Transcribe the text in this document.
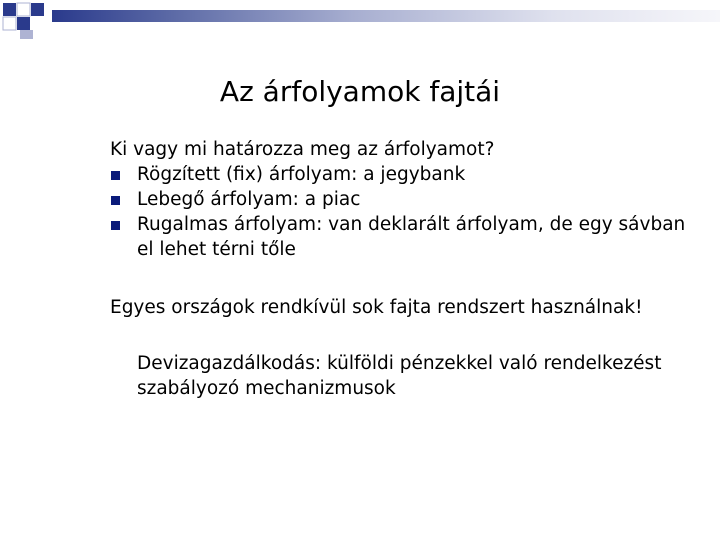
Az árfolyamok fajtái

Ki vagy mi határozza meg az árfolyamot?

Rögzített (fix) árfolyam: a jegybank
Lebegő árfolyam: a piac
Rugalmas árfolyam: van deklarált árfolyam, de egy sávban el lehet térni tőle

Egyes országok rendkívül sok fajta rendszert használnak!

Devizagazdálkodás: külföldi pénzekkel való rendelkezést szabályozó mechanizmusok
